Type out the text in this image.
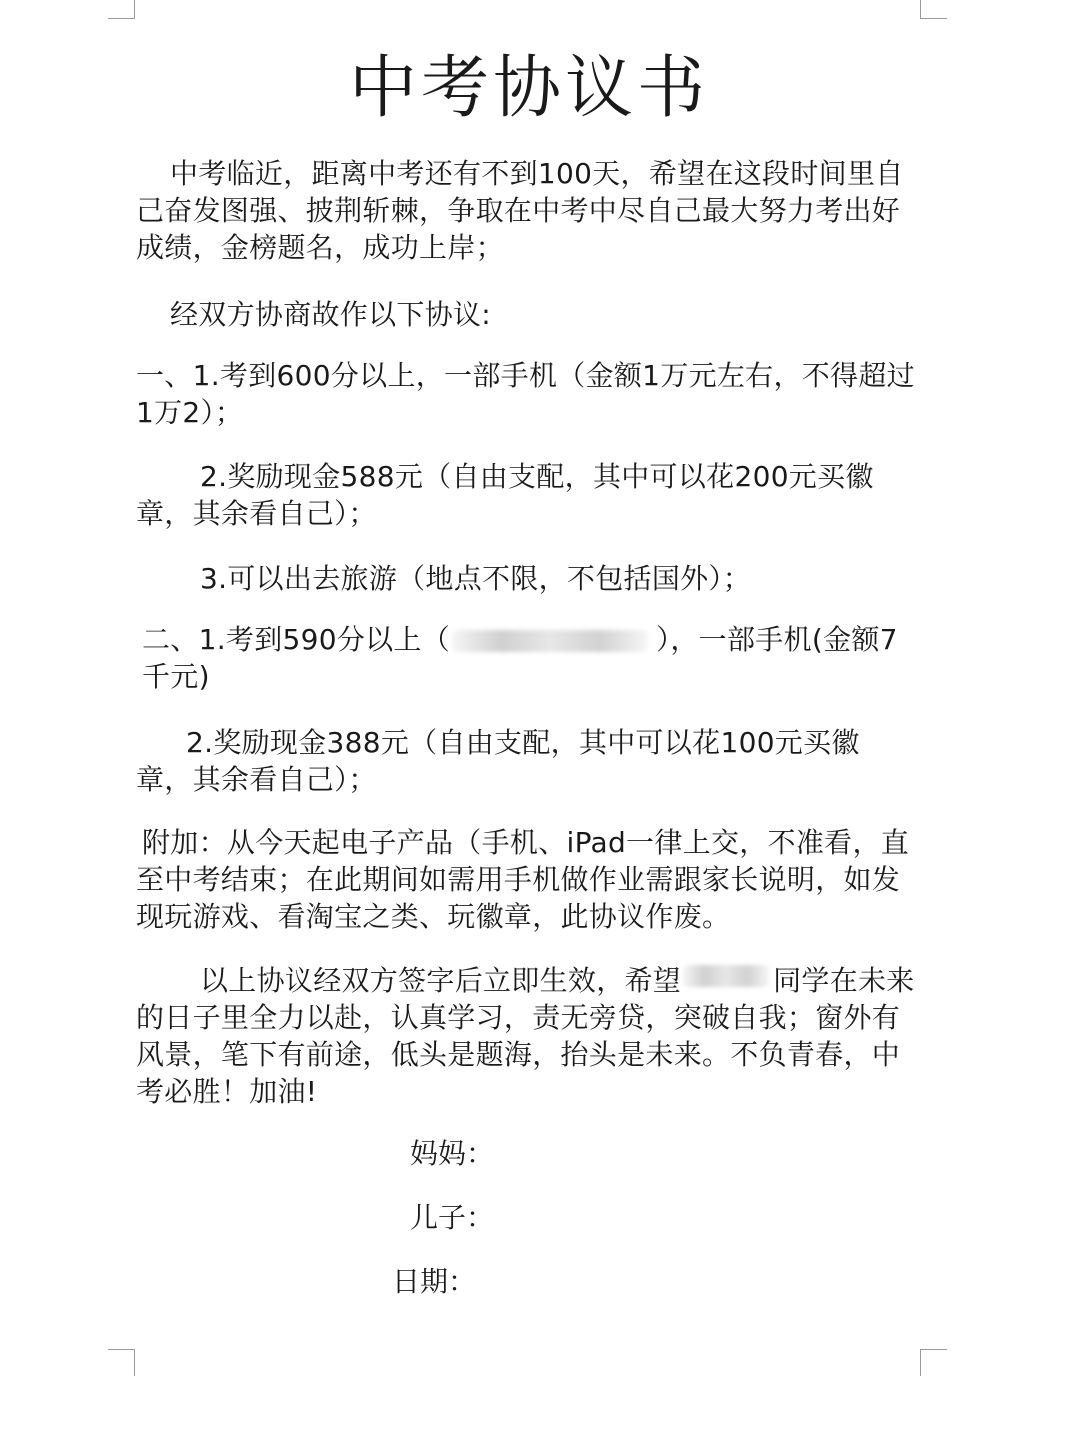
中考协议书
中考临近，距离中考还有不到100天，希望在这段时间里自己奋发图强、披荆斩棘，争取在中考中尽自己最大努力考出好成绩，金榜题名，成功上岸；
经双方协商故作以下协议:
一、1.考到600分以上，一部手机（金额1万元左右，不得超过1万2）；
2.奖励现金588元（自由支配，其中可以花200元买徽章，其余看自己）；
3.可以出去旅游（地点不限，不包括国外）；
二、1.考到590分以上（	），一部手机(金额7千元)
2.奖励现金388元（自由支配，其中可以花100元买徽章，其余看自己）；
附加：从今天起电子产品（手机、iPad一律上交，不准看，直至中考结束；在此期间如需用手机做作业需跟家长说明，如发现玩游戏、看淘宝之类、玩徽章，此协议作废。
以上协议经双方签字后立即生效，希望	同学在未来的日子里全力以赴，认真学习，责无旁贷，突破自我；窗外有风景，笔下有前途，低头是题海，抬头是未来。不负青春，中考必胜！加油!
妈妈：
儿子：
日期：
